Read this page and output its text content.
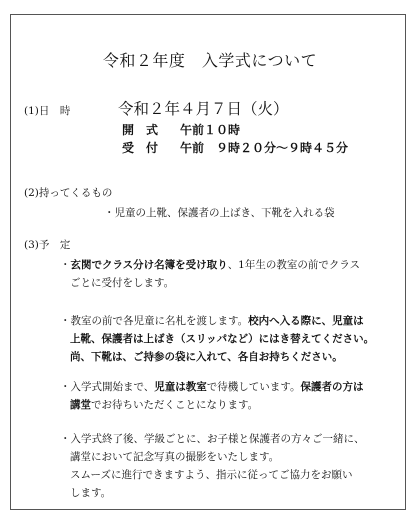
令和２年度　入学式について
(1)日　時	令和２年４月７日（火）
開　式 午前１０時
受　付 午前　９時２０分～９時４５分
(2)持ってくるもの
・児童の上靴、保護者の上ばき、下靴を入れる袋
(3)予　定
・玄関でクラス分け名簿を受け取り、1年生の教室の前でクラス
ごとに受付をします。
・教室の前で各児童に名札を渡します。校内へ入る際に、児童は
上靴、保護者は上ばき（スリッパなど）にはき替えてください。
尚、下靴は、ご持参の袋に入れて、各自お持ちください。
・入学式開始まで、児童は教室で待機しています。保護者の方は
講堂でお待ちいただくことになります。
・入学式終了後、学級ごとに、お子様と保護者の方々ご一緒に、
講堂において記念写真の撮影をいたします。
スムーズに進行できますよう、指示に従ってご協力をお願い
します。
